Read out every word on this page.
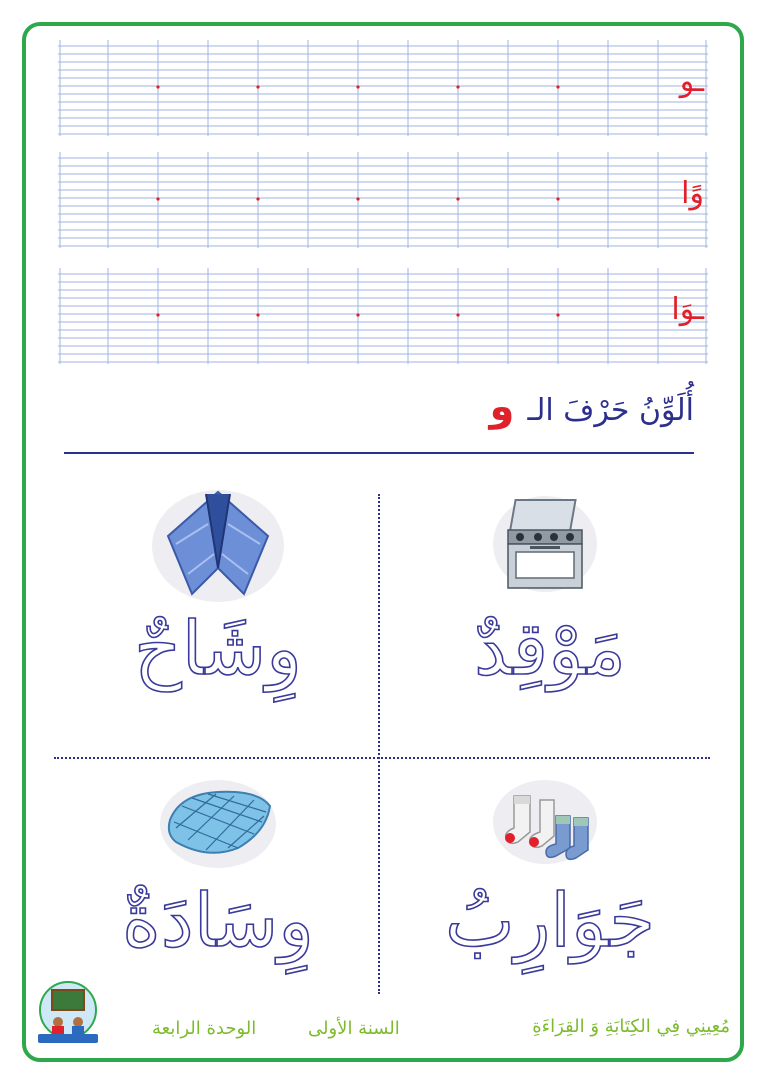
ـو
وًا
ـوَا
أُلَوِّنُ حَرْفَ الـ و
مَوْقِدٌ
وِشَاحٌ
جَوَارِبُ
وِسَادَةٌ
مُعِينِي فِي الكِتَابَةِ وَ القِرَاءَةِ
السنة الأولى
الوحدة الرابعة
